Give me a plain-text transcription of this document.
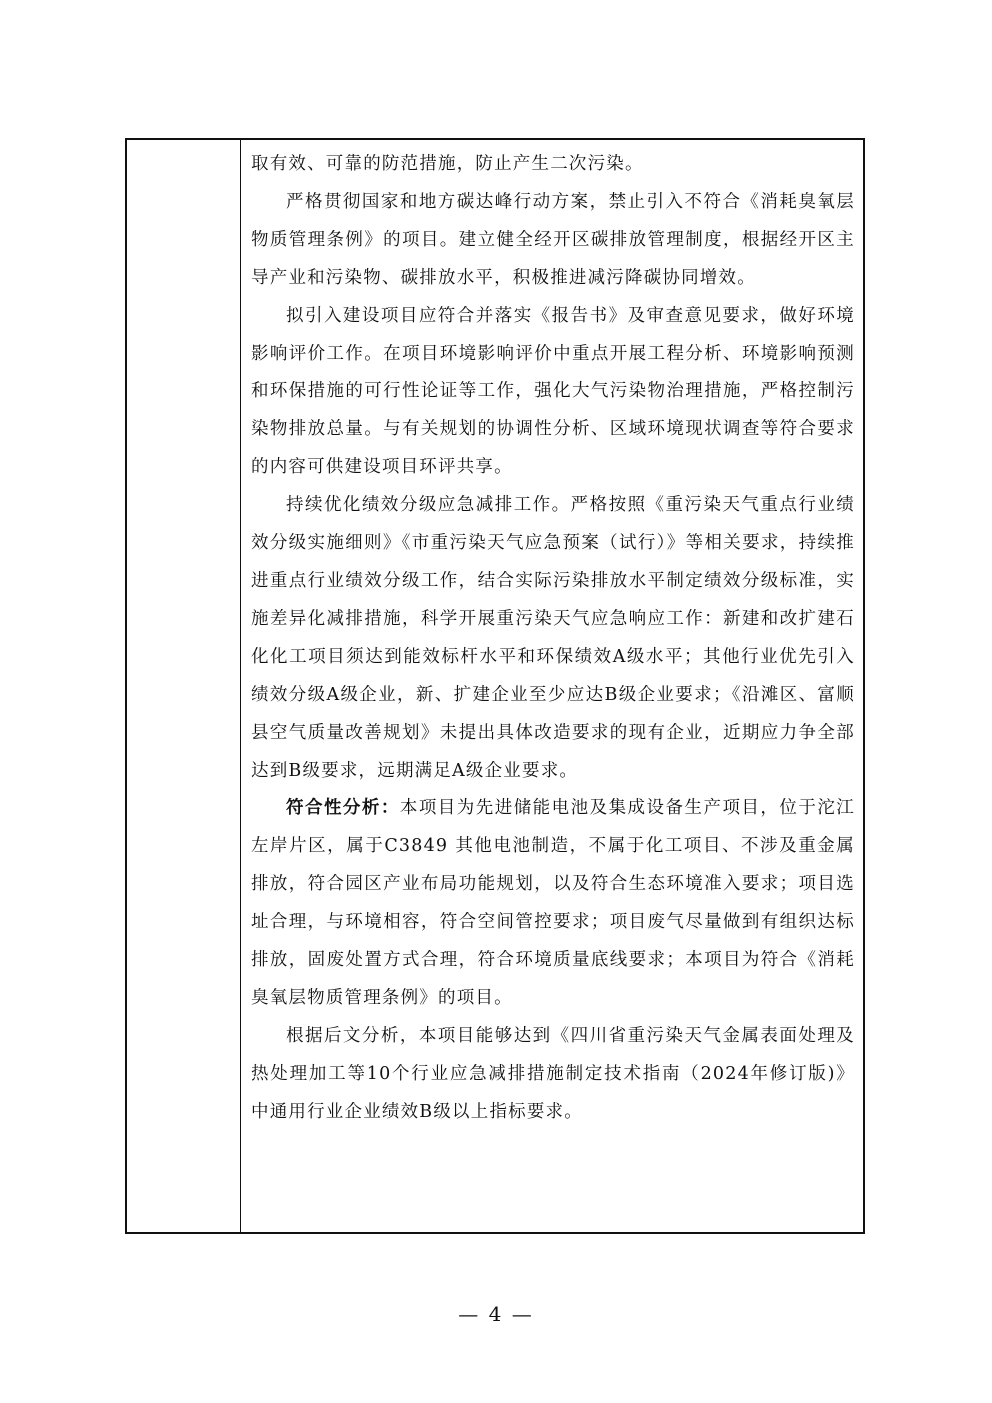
取有效、可靠的防范措施，防止产生二次污染。

严格贯彻国家和地方碳达峰行动方案，禁止引入不符合《消耗臭氧层物质管理条例》的项目。建立健全经开区碳排放管理制度，根据经开区主导产业和污染物、碳排放水平，积极推进减污降碳协同增效。

拟引入建设项目应符合并落实《报告书》及审查意见要求，做好环境影响评价工作。在项目环境影响评价中重点开展工程分析、环境影响预测和环保措施的可行性论证等工作，强化大气污染物治理措施，严格控制污染物排放总量。与有关规划的协调性分析、区域环境现状调查等符合要求的内容可供建设项目环评共享。

持续优化绩效分级应急减排工作。严格按照《重污染天气重点行业绩效分级实施细则》《市重污染天气应急预案（试行）》等相关要求，持续推进重点行业绩效分级工作，结合实际污染排放水平制定绩效分级标准，实施差异化减排措施，科学开展重污染天气应急响应工作：新建和改扩建石化化工项目须达到能效标杆水平和环保绩效A级水平；其他行业优先引入绩效分级A级企业，新、扩建企业至少应达B级企业要求；《沿滩区、富顺县空气质量改善规划》未提出具体改造要求的现有企业，近期应力争全部达到B级要求，远期满足A级企业要求。

符合性分析：本项目为先进储能电池及集成设备生产项目，位于沱江左岸片区，属于C3849 其他电池制造，不属于化工项目、不涉及重金属排放，符合园区产业布局功能规划，以及符合生态环境准入要求；项目选址合理，与环境相容，符合空间管控要求；项目废气尽量做到有组织达标排放，固废处置方式合理，符合环境质量底线要求；本项目为符合《消耗臭氧层物质管理条例》的项目。

根据后文分析，本项目能够达到《四川省重污染天气金属表面处理及热处理加工等10个行业应急减排措施制定技术指南（2024年修订版)》中通用行业企业绩效B级以上指标要求。

— 4 —
